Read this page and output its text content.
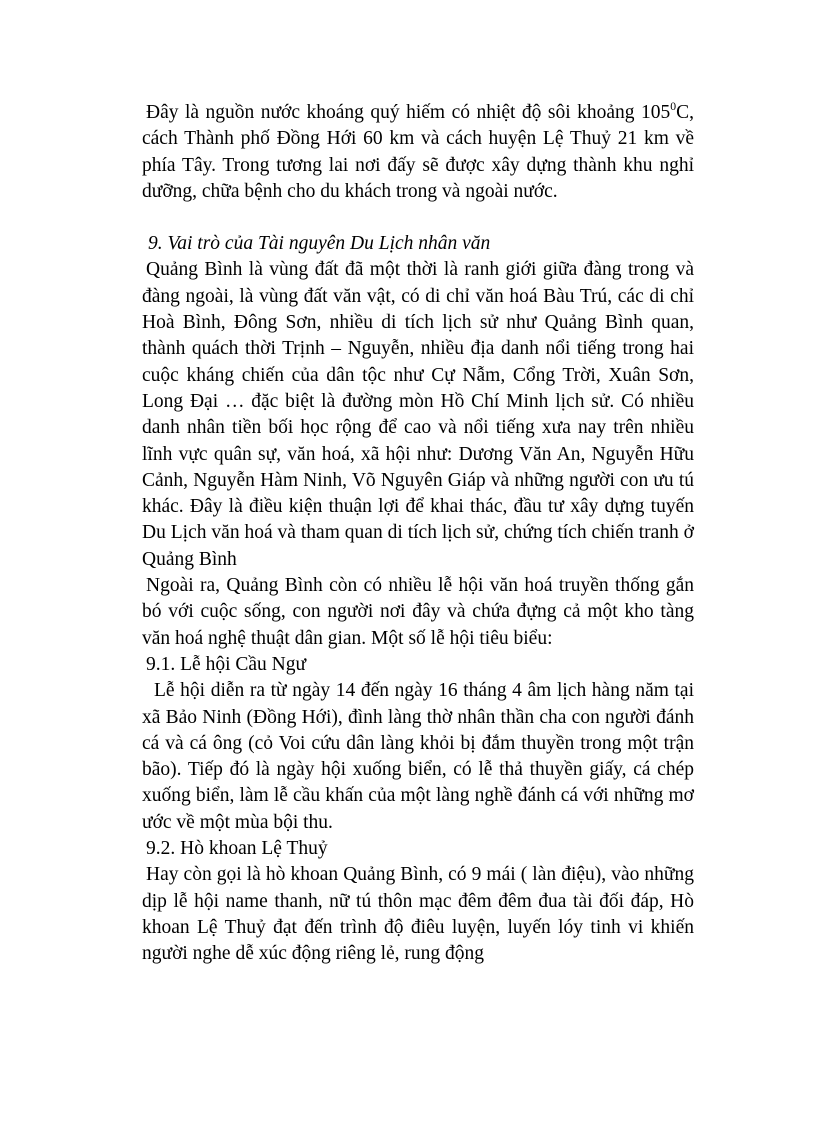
Đây là nguồn nước khoáng quý hiếm có nhiệt độ sôi khoảng $105^0C$, cách Thành phố Đồng Hới 60 km và cách huyện Lệ Thuỷ 21 km về phía Tây. Trong tương lai nơi đấy sẽ được xây dựng thành khu nghỉ dưỡng, chữa bệnh cho du khách trong và ngoài nước.

9. Vai trò của Tài nguyên Du Lịch nhân văn

Quảng Bình là vùng đất đã một thời là ranh giới giữa đàng trong và đàng ngoài, là vùng đất văn vật, có di chỉ văn hoá Bàu Trú, các di chỉ Hoà Bình, Đông Sơn, nhiều di tích lịch sử như Quảng Bình quan, thành quách thời Trịnh – Nguyễn, nhiều địa danh nổi tiếng trong hai cuộc kháng chiến của dân tộc như Cự Nẫm, Cổng Trời, Xuân Sơn, Long Đại … đặc biệt là đường mòn Hồ Chí Minh lịch sử. Có nhiều danh nhân tiền bối học rộng để cao và nổi tiếng xưa nay trên nhiều lĩnh vực quân sự, văn hoá, xã hội như: Dương Văn An, Nguyễn Hữu Cảnh, Nguyễn Hàm Ninh, Võ Nguyên Giáp và những người con ưu tú khác. Đây là điều kiện thuận lợi để khai thác, đầu tư xây dựng tuyến Du Lịch văn hoá và tham quan di tích lịch sử, chứng tích chiến tranh ở Quảng Bình

Ngoài ra, Quảng Bình còn có nhiều lễ hội văn hoá truyền thống gắn bó với cuộc sống, con người nơi đây và chứa đựng cả một kho tàng văn hoá nghệ thuật dân gian. Một số lễ hội tiêu biểu:

9.1. Lễ hội Cầu Ngư

Lễ hội diễn ra từ ngày 14 đến ngày 16 tháng 4 âm lịch hàng năm tại xã Bảo Ninh (Đồng Hới), đình làng thờ nhân thần cha con người đánh cá và cá ông (cỏ Voi cứu dân làng khỏi bị đắm thuyền trong một trận bão). Tiếp đó là ngày hội xuống biển, có lễ thả thuyền giấy, cá chép xuống biển, làm lễ cầu khấn của một làng nghề đánh cá với những mơ ước về một mùa bội thu.

9.2. Hò khoan Lệ Thuỷ

Hay còn gọi là hò khoan Quảng Bình, có 9 mái ( làn điệu), vào những dịp lễ hội name thanh, nữ tú thôn mạc đêm đêm đua tài đối đáp, Hò khoan Lệ Thuỷ đạt đến trình độ điêu luyện, luyến lóy tinh vi khiến người nghe dễ xúc động riêng lẻ, rung động
